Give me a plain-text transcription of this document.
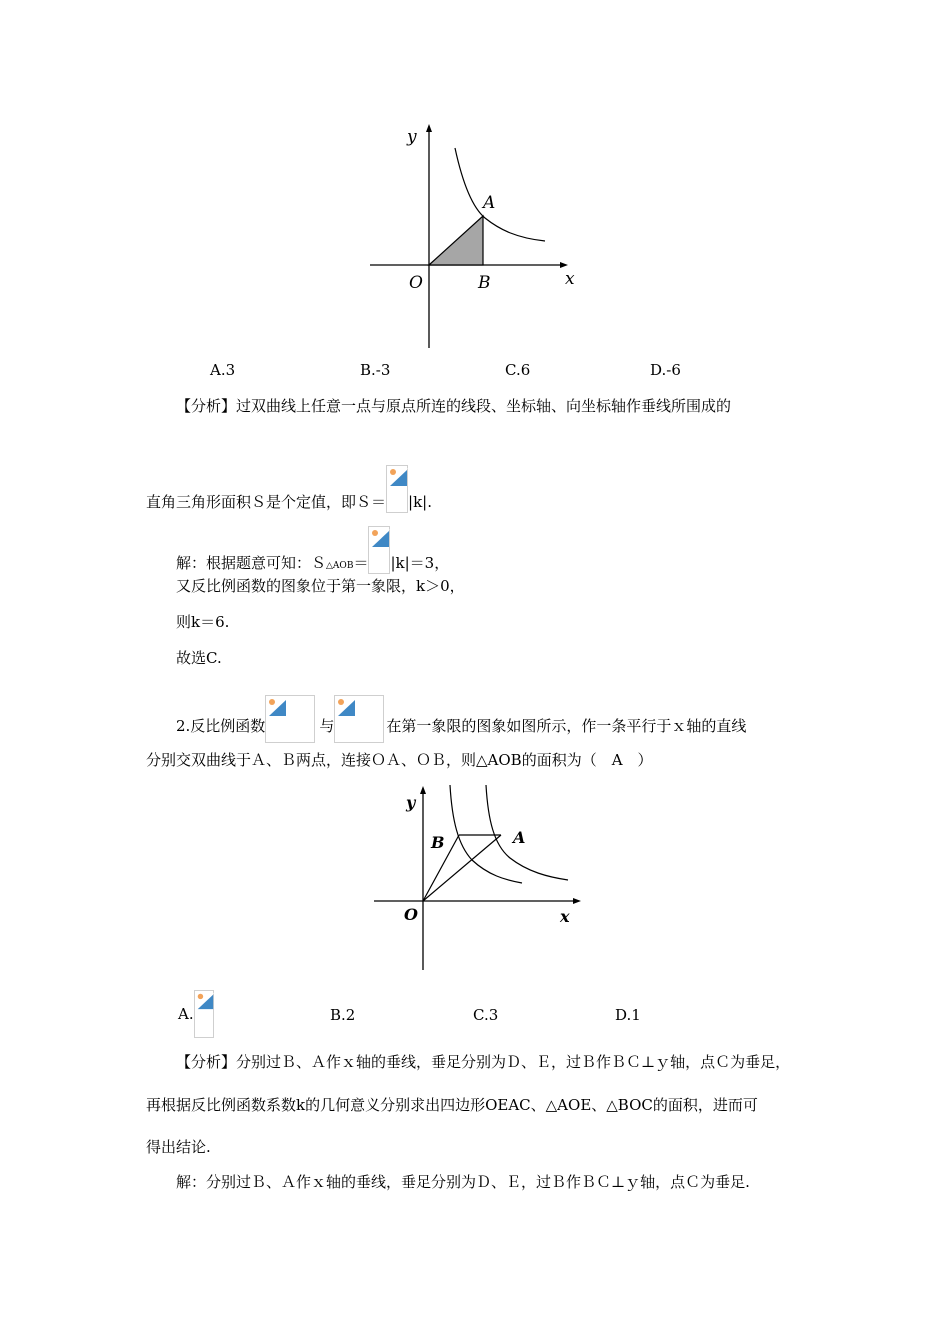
y
x
O
A
B
A.3	B.-3	C.6	D.-6
【分析】过双曲线上任意一点与原点所连的线段、坐标轴、向坐标轴作垂线所围成的
直角三角形面积Ｓ是个定值，即Ｓ＝ |k|.
解：根据题意可知：Ｓ△AOB＝ |k|＝3，
又反比例函数的图象位于第一象限，k＞0，
则k＝6.
故选C.
2.反比例函数	与	在第一象限的图象如图所示，作一条平行于ｘ轴的直线
分别交双曲线于Ａ、Ｂ两点，连接ＯＡ、ＯＢ，则△AOB的面积为（　A　）
y
x
O
B	A
A.	B.2	C.3	D.1
【分析】分别过Ｂ、Ａ作ｘ轴的垂线，垂足分别为Ｄ、Ｅ，过Ｂ作ＢＣ⊥ｙ轴，点Ｃ为垂足，
再根据反比例函数系数k的几何意义分别求出四边形OEAC、△AOE、△BOC的面积，进而可
得出结论.
解：分别过Ｂ、Ａ作ｘ轴的垂线，垂足分别为Ｄ、Ｅ，过Ｂ作ＢＣ⊥ｙ轴，点Ｃ为垂足.
